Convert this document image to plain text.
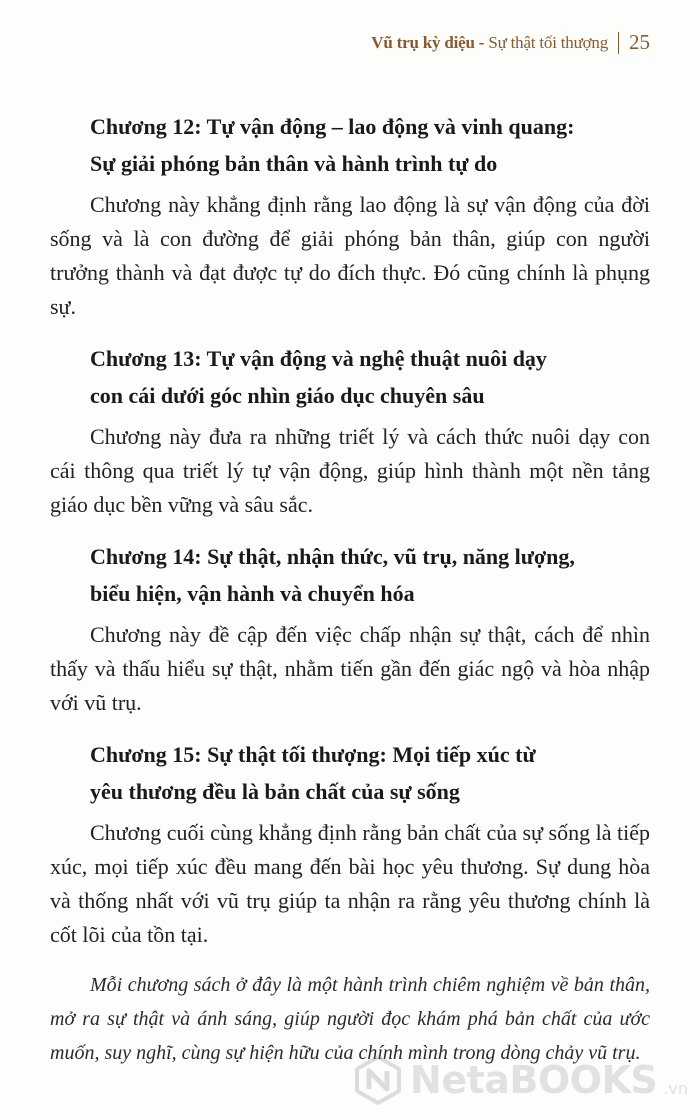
Vũ trụ kỳ diệu - Sự thật tối thượng 25
Chương 12: Tự vận động – lao động và vinh quang:
Sự giải phóng bản thân và hành trình tự do

Chương này khẳng định rằng lao động là sự vận động của đời sống và là con đường để giải phóng bản thân, giúp con người trưởng thành và đạt được tự do đích thực. Đó cũng chính là phụng sự.

Chương 13: Tự vận động và nghệ thuật nuôi dạy
con cái dưới góc nhìn giáo dục chuyên sâu

Chương này đưa ra những triết lý và cách thức nuôi dạy con cái thông qua triết lý tự vận động, giúp hình thành một nền tảng giáo dục bền vững và sâu sắc.

Chương 14: Sự thật, nhận thức, vũ trụ, năng lượng,
biểu hiện, vận hành và chuyển hóa

Chương này đề cập đến việc chấp nhận sự thật, cách để nhìn thấy và thấu hiểu sự thật, nhằm tiến gần đến giác ngộ và hòa nhập với vũ trụ.

Chương 15: Sự thật tối thượng: Mọi tiếp xúc từ
yêu thương đều là bản chất của sự sống

Chương cuối cùng khẳng định rằng bản chất của sự sống là tiếp xúc, mọi tiếp xúc đều mang đến bài học yêu thương. Sự dung hòa và thống nhất với vũ trụ giúp ta nhận ra rằng yêu thương chính là cốt lõi của tồn tại.

Mỗi chương sách ở đây là một hành trình chiêm nghiệm về bản thân, mở ra sự thật và ánh sáng, giúp người đọc khám phá bản chất của ước muốn, suy nghĩ, cùng sự hiện hữu của chính mình trong dòng chảy vũ trụ.

NetaBOOKS .vn
